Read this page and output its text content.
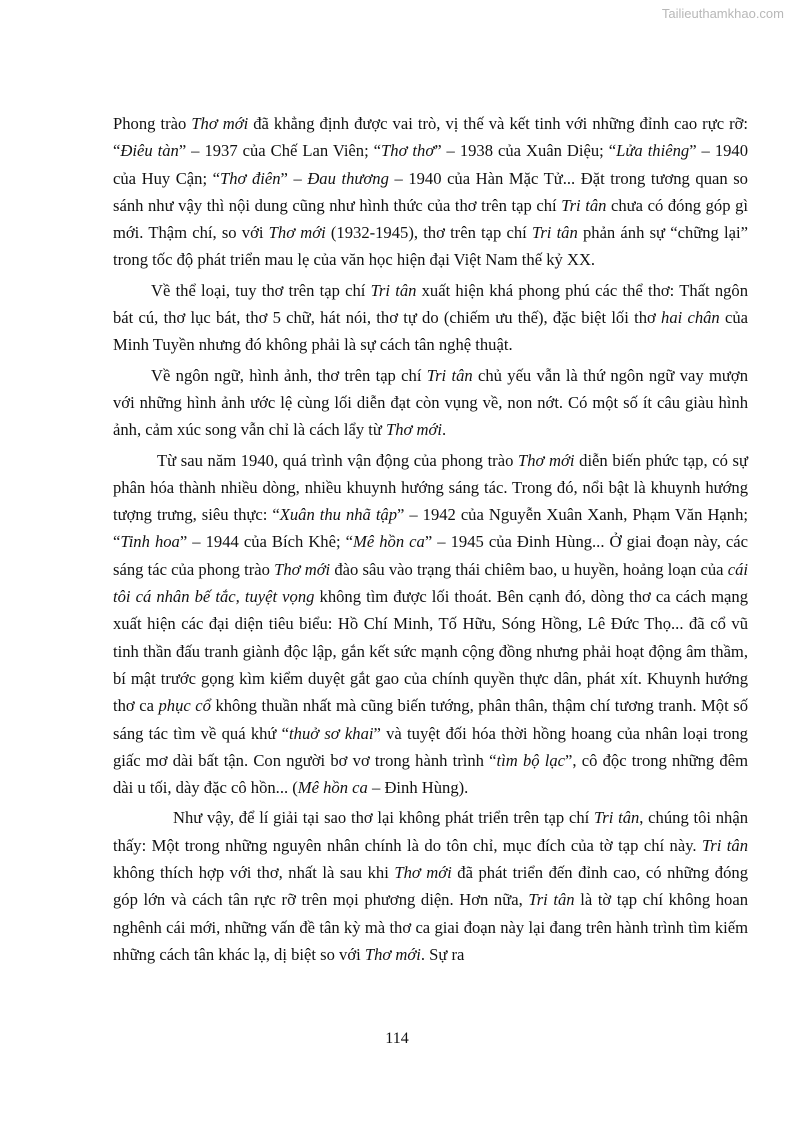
Tailieuthamkhao.com

Phong trào Thơ mới đã khẳng định được vai trò, vị thế và kết tinh với những đỉnh cao rực rỡ: “Điêu tàn” – 1937 của Chế Lan Viên; “Thơ thơ” – 1938 của Xuân Diệu; “Lửa thiêng” – 1940 của Huy Cận; “Thơ điên” – Đau thương – 1940 của Hàn Mặc Tử... Đặt trong tương quan so sánh như vậy thì nội dung cũng như hình thức của thơ trên tạp chí Tri tân chưa có đóng góp gì mới. Thậm chí, so với Thơ mới (1932-1945), thơ trên tạp chí Tri tân phản ánh sự “chững lại” trong tốc độ phát triển mau lẹ của văn học hiện đại Việt Nam thế kỷ XX.

Về thể loại, tuy thơ trên tạp chí Tri tân xuất hiện khá phong phú các thể thơ: Thất ngôn bát cú, thơ lục bát, thơ 5 chữ, hát nói, thơ tự do (chiếm ưu thế), đặc biệt lối thơ hai chân của Minh Tuyền nhưng đó không phải là sự cách tân nghệ thuật.

Về ngôn ngữ, hình ảnh, thơ trên tạp chí Tri tân chủ yếu vẫn là thứ ngôn ngữ vay mượn với những hình ảnh ước lệ cùng lối diễn đạt còn vụng về, non nớt. Có một số ít câu giàu hình ảnh, cảm xúc song vẫn chỉ là cách lẩy từ Thơ mới.

Từ sau năm 1940, quá trình vận động của phong trào Thơ mới diễn biến phức tạp, có sự phân hóa thành nhiều dòng, nhiều khuynh hướng sáng tác. Trong đó, nổi bật là khuynh hướng tượng trưng, siêu thực: “Xuân thu nhã tập” – 1942 của Nguyễn Xuân Xanh, Phạm Văn Hạnh; “Tinh hoa” – 1944 của Bích Khê; “Mê hồn ca” – 1945 của Đinh Hùng... Ở giai đoạn này, các sáng tác của phong trào Thơ mới đào sâu vào trạng thái chiêm bao, u huyền, hoảng loạn của cái tôi cá nhân bế tắc, tuyệt vọng không tìm được lối thoát. Bên cạnh đó, dòng thơ ca cách mạng xuất hiện các đại diện tiêu biểu: Hồ Chí Minh, Tố Hữu, Sóng Hồng, Lê Đức Thọ... đã cổ vũ tinh thần đấu tranh giành độc lập, gắn kết sức mạnh cộng đồng nhưng phải hoạt động âm thầm, bí mật trước gọng kìm kiểm duyệt gắt gao của chính quyền thực dân, phát xít. Khuynh hướng thơ ca phục cổ không thuần nhất mà cũng biến tướng, phân thân, thậm chí tương tranh. Một số sáng tác tìm về quá khứ “thuở sơ khai” và tuyệt đối hóa thời hồng hoang của nhân loại trong giấc mơ dài bất tận. Con người bơ vơ trong hành trình “tìm bộ lạc”, cô độc trong những đêm dài u tối, dày đặc cô hồn... (Mê hồn ca – Đinh Hùng).

Như vậy, để lí giải tại sao thơ lại không phát triển trên tạp chí Tri tân, chúng tôi nhận thấy: Một trong những nguyên nhân chính là do tôn chỉ, mục đích của tờ tạp chí này. Tri tân không thích hợp với thơ, nhất là sau khi Thơ mới đã phát triển đến đỉnh cao, có những đóng góp lớn và cách tân rực rỡ trên mọi phương diện. Hơn nữa, Tri tân là tờ tạp chí không hoan nghênh cái mới, những vấn đề tân kỳ mà thơ ca giai đoạn này lại đang trên hành trình tìm kiếm những cách tân khác lạ, dị biệt so với Thơ mới. Sự ra

114
